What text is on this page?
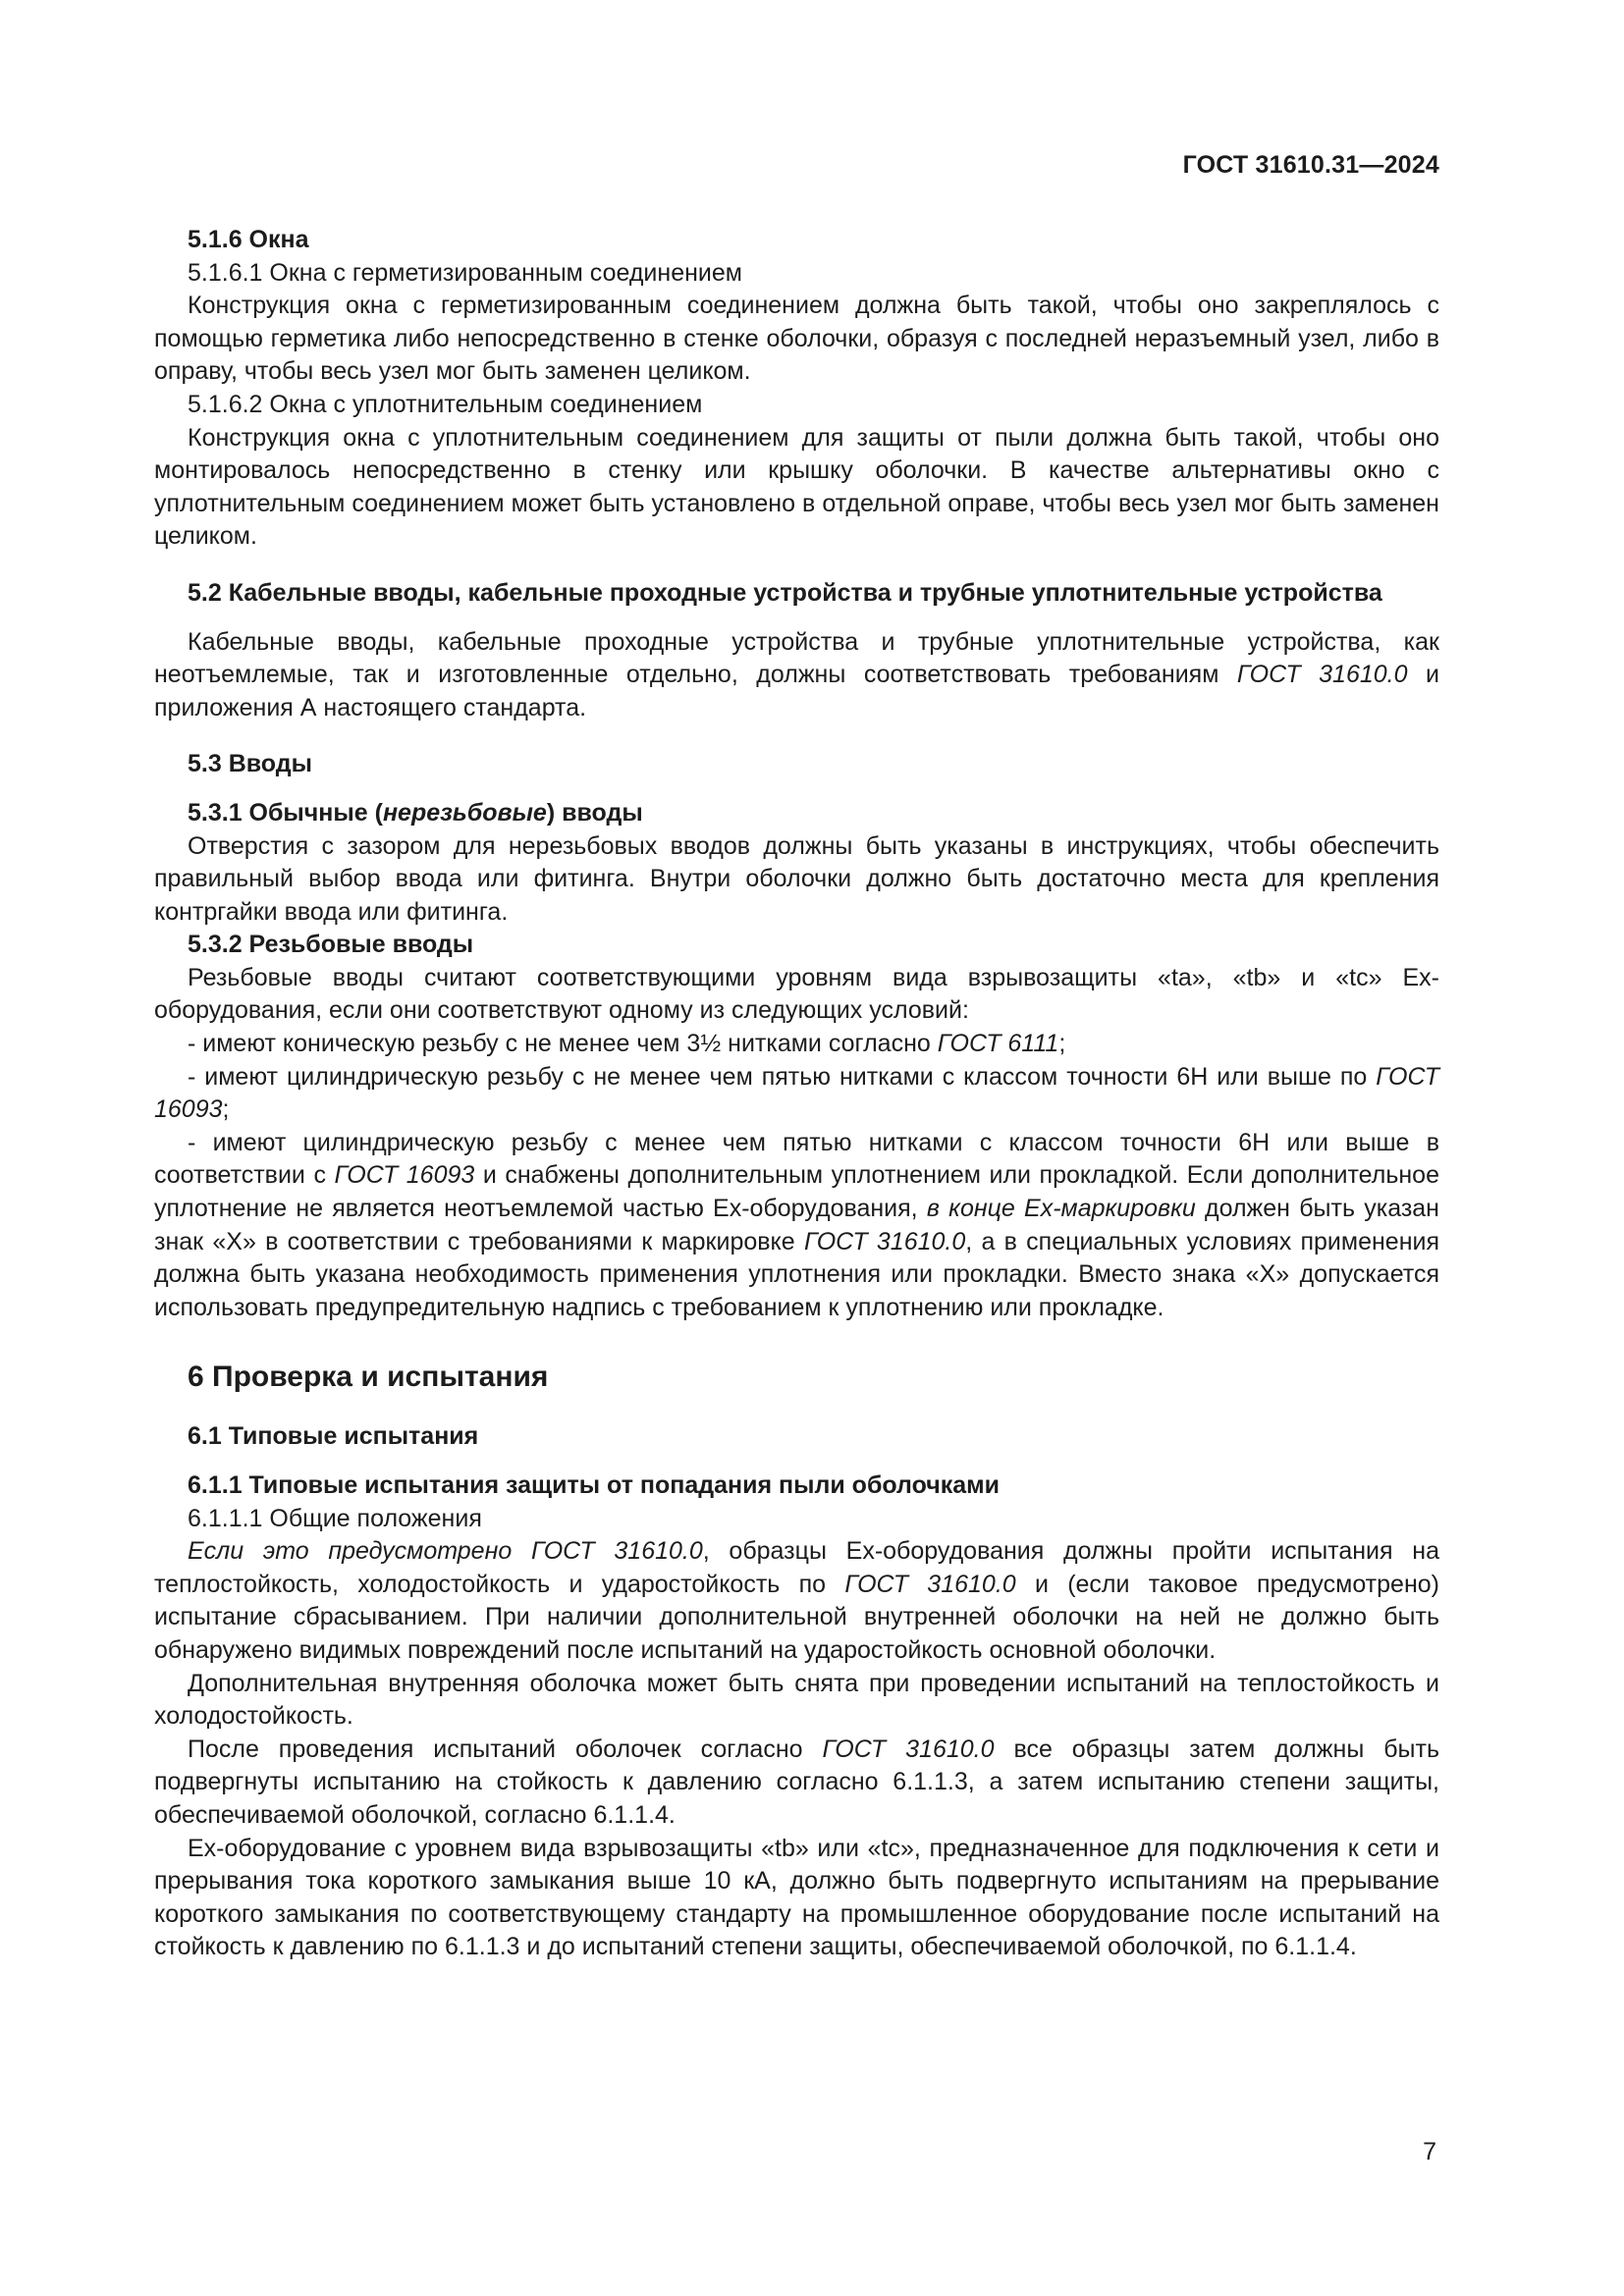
ГОСТ 31610.31—2024

5.1.6 Окна

5.1.6.1 Окна с герметизированным соединением

Конструкция окна с герметизированным соединением должна быть такой, чтобы оно закреплялось с помощью герметика либо непосредственно в стенке оболочки, образуя с последней неразъемный узел, либо в оправу, чтобы весь узел мог быть заменен целиком.

5.1.6.2 Окна с уплотнительным соединением

Конструкция окна с уплотнительным соединением для защиты от пыли должна быть такой, чтобы оно монтировалось непосредственно в стенку или крышку оболочки. В качестве альтернативы окно с уплотнительным соединением может быть установлено в отдельной оправе, чтобы весь узел мог быть заменен целиком.

5.2 Кабельные вводы, кабельные проходные устройства и трубные уплотнительные устройства

Кабельные вводы, кабельные проходные устройства и трубные уплотнительные устройства, как неотъемлемые, так и изготовленные отдельно, должны соответствовать требованиям ГОСТ 31610.0 и приложения А настоящего стандарта.

5.3 Вводы

5.3.1 Обычные (нерезьбовые) вводы

Отверстия с зазором для нерезьбовых вводов должны быть указаны в инструкциях, чтобы обеспечить правильный выбор ввода или фитинга. Внутри оболочки должно быть достаточно места для крепления контргайки ввода или фитинга.

5.3.2 Резьбовые вводы

Резьбовые вводы считают соответствующими уровням вида взрывозащиты «ta», «tb» и «tc» Ex-оборудования, если они соответствуют одному из следующих условий:

- имеют коническую резьбу с не менее чем 3½ нитками согласно ГОСТ 6111;

- имеют цилиндрическую резьбу с не менее чем пятью нитками с классом точности 6H или выше по ГОСТ 16093;

- имеют цилиндрическую резьбу с менее чем пятью нитками с классом точности 6H или выше в соответствии с ГОСТ 16093 и снабжены дополнительным уплотнением или прокладкой. Если дополнительное уплотнение не является неотъемлемой частью Ex-оборудования, в конце Ex-маркировки должен быть указан знак «X» в соответствии с требованиями к маркировке ГОСТ 31610.0, а в специальных условиях применения должна быть указана необходимость применения уплотнения или прокладки. Вместо знака «X» допускается использовать предупредительную надпись с требованием к уплотнению или прокладке.

6 Проверка и испытания

6.1 Типовые испытания

6.1.1 Типовые испытания защиты от попадания пыли оболочками

6.1.1.1 Общие положения

Если это предусмотрено ГОСТ 31610.0, образцы Ex-оборудования должны пройти испытания на теплостойкость, холодостойкость и ударостойкость по ГОСТ 31610.0 и (если таковое предусмотрено) испытание сбрасыванием. При наличии дополнительной внутренней оболочки на ней не должно быть обнаружено видимых повреждений после испытаний на ударостойкость основной оболочки.

Дополнительная внутренняя оболочка может быть снята при проведении испытаний на теплостойкость и холодостойкость.

После проведения испытаний оболочек согласно ГОСТ 31610.0 все образцы затем должны быть подвергнуты испытанию на стойкость к давлению согласно 6.1.1.3, а затем испытанию степени защиты, обеспечиваемой оболочкой, согласно 6.1.1.4.

Ex-оборудование с уровнем вида взрывозащиты «tb» или «tc», предназначенное для подключения к сети и прерывания тока короткого замыкания выше 10 кА, должно быть подвергнуто испытаниям на прерывание короткого замыкания по соответствующему стандарту на промышленное оборудование после испытаний на стойкость к давлению по 6.1.1.3 и до испытаний степени защиты, обеспечиваемой оболочкой, по 6.1.1.4.

7
